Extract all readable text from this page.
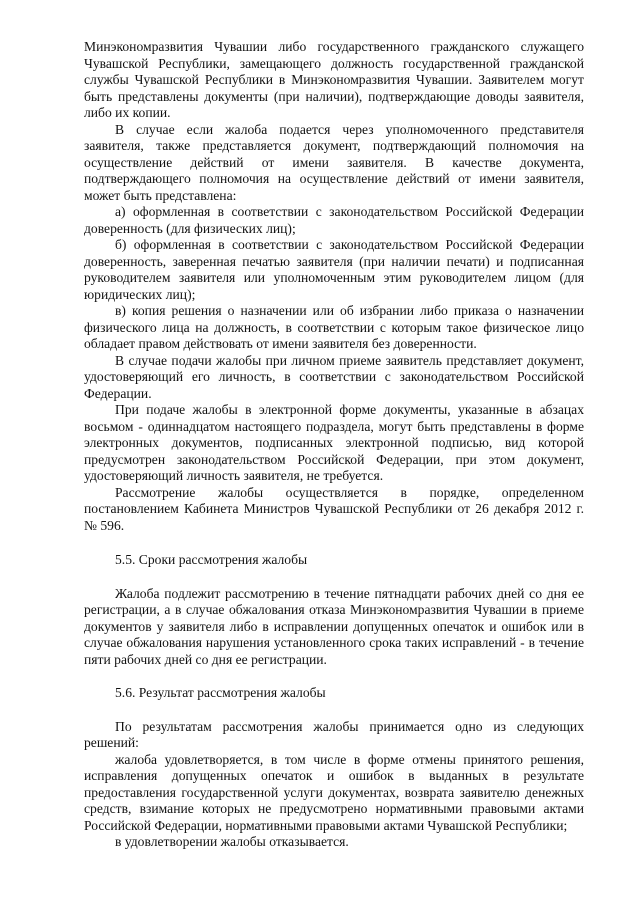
Минэкономразвития Чувашии либо государственного гражданского служащего Чувашской Республики, замещающего должность государственной гражданской службы Чувашской Республики в Минэкономразвития Чувашии. Заявителем могут быть представлены документы (при наличии), подтверждающие доводы заявителя, либо их копии.

В случае если жалоба подается через уполномоченного представителя заявителя, также представляется документ, подтверждающий полномочия на осуществление действий от имени заявителя. В качестве документа, подтверждающего полномочия на осуществление действий от имени заявителя, может быть представлена:

а) оформленная в соответствии с законодательством Российской Федерации доверенность (для физических лиц);

б) оформленная в соответствии с законодательством Российской Федерации доверенность, заверенная печатью заявителя (при наличии печати) и подписанная руководителем заявителя или уполномоченным этим руководителем лицом (для юридических лиц);

в) копия решения о назначении или об избрании либо приказа о назначении физического лица на должность, в соответствии с которым такое физическое лицо обладает правом действовать от имени заявителя без доверенности.

В случае подачи жалобы при личном приеме заявитель представляет документ, удостоверяющий его личность, в соответствии с законодательством Российской Федерации.

При подаче жалобы в электронной форме документы, указанные в абзацах восьмом - одиннадцатом настоящего подраздела, могут быть представлены в форме электронных документов, подписанных электронной подписью, вид которой предусмотрен законодательством Российской Федерации, при этом документ, удостоверяющий личность заявителя, не требуется.

Рассмотрение жалобы осуществляется в порядке, определенном постановлением Кабинета Министров Чувашской Республики от 26 декабря 2012 г. № 596.

5.5. Сроки рассмотрения жалобы

Жалоба подлежит рассмотрению в течение пятнадцати рабочих дней со дня ее регистрации, а в случае обжалования отказа Минэкономразвития Чувашии в приеме документов у заявителя либо в исправлении допущенных опечаток и ошибок или в случае обжалования нарушения установленного срока таких исправлений - в течение пяти рабочих дней со дня ее регистрации.

5.6. Результат рассмотрения жалобы

По результатам рассмотрения жалобы принимается одно из следующих решений:

жалоба удовлетворяется, в том числе в форме отмены принятого решения, исправления допущенных опечаток и ошибок в выданных в результате предоставления государственной услуги документах, возврата заявителю денежных средств, взимание которых не предусмотрено нормативными правовыми актами Российской Федерации, нормативными правовыми актами Чувашской Республики;

в удовлетворении жалобы отказывается.
